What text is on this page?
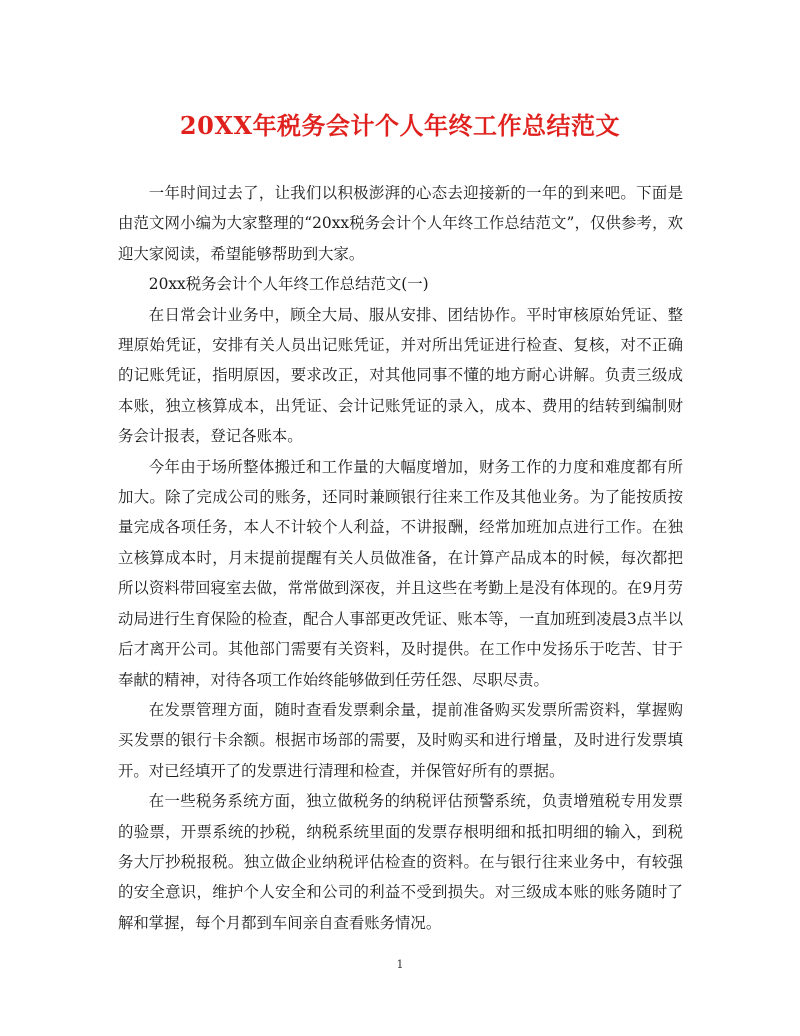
20XX年税务会计个人年终工作总结范文

一年时间过去了，让我们以积极澎湃的心态去迎接新的一年的到来吧。下面是由范文网小编为大家整理的“20xx税务会计个人年终工作总结范文”，仅供参考，欢迎大家阅读，希望能够帮助到大家。

20xx税务会计个人年终工作总结范文(一)

在日常会计业务中，顾全大局、服从安排、团结协作。平时审核原始凭证、整理原始凭证，安排有关人员出记账凭证，并对所出凭证进行检查、复核，对不正确的记账凭证，指明原因，要求改正，对其他同事不懂的地方耐心讲解。负责三级成本账，独立核算成本，出凭证、会计记账凭证的录入，成本、费用的结转到编制财务会计报表，登记各账本。

今年由于场所整体搬迁和工作量的大幅度增加，财务工作的力度和难度都有所加大。除了完成公司的账务，还同时兼顾银行往来工作及其他业务。为了能按质按量完成各项任务，本人不计较个人利益，不讲报酬，经常加班加点进行工作。在独立核算成本时，月末提前提醒有关人员做准备，在计算产品成本的时候，每次都把所以资料带回寝室去做，常常做到深夜，并且这些在考勤上是没有体现的。在9月劳动局进行生育保险的检查，配合人事部更改凭证、账本等，一直加班到凌晨3点半以后才离开公司。其他部门需要有关资料，及时提供。在工作中发扬乐于吃苦、甘于奉献的精神，对待各项工作始终能够做到任劳任怨、尽职尽责。

在发票管理方面，随时查看发票剩余量，提前准备购买发票所需资料，掌握购买发票的银行卡余额。根据市场部的需要，及时购买和进行增量，及时进行发票填开。对已经填开了的发票进行清理和检查，并保管好所有的票据。

在一些税务系统方面，独立做税务的纳税评估预警系统，负责增殖税专用发票的验票，开票系统的抄税，纳税系统里面的发票存根明细和抵扣明细的输入，到税务大厅抄税报税。独立做企业纳税评估检查的资料。在与银行往来业务中，有较强的安全意识，维护个人安全和公司的利益不受到损失。对三级成本账的账务随时了解和掌握，每个月都到车间亲自查看账务情况。

1
